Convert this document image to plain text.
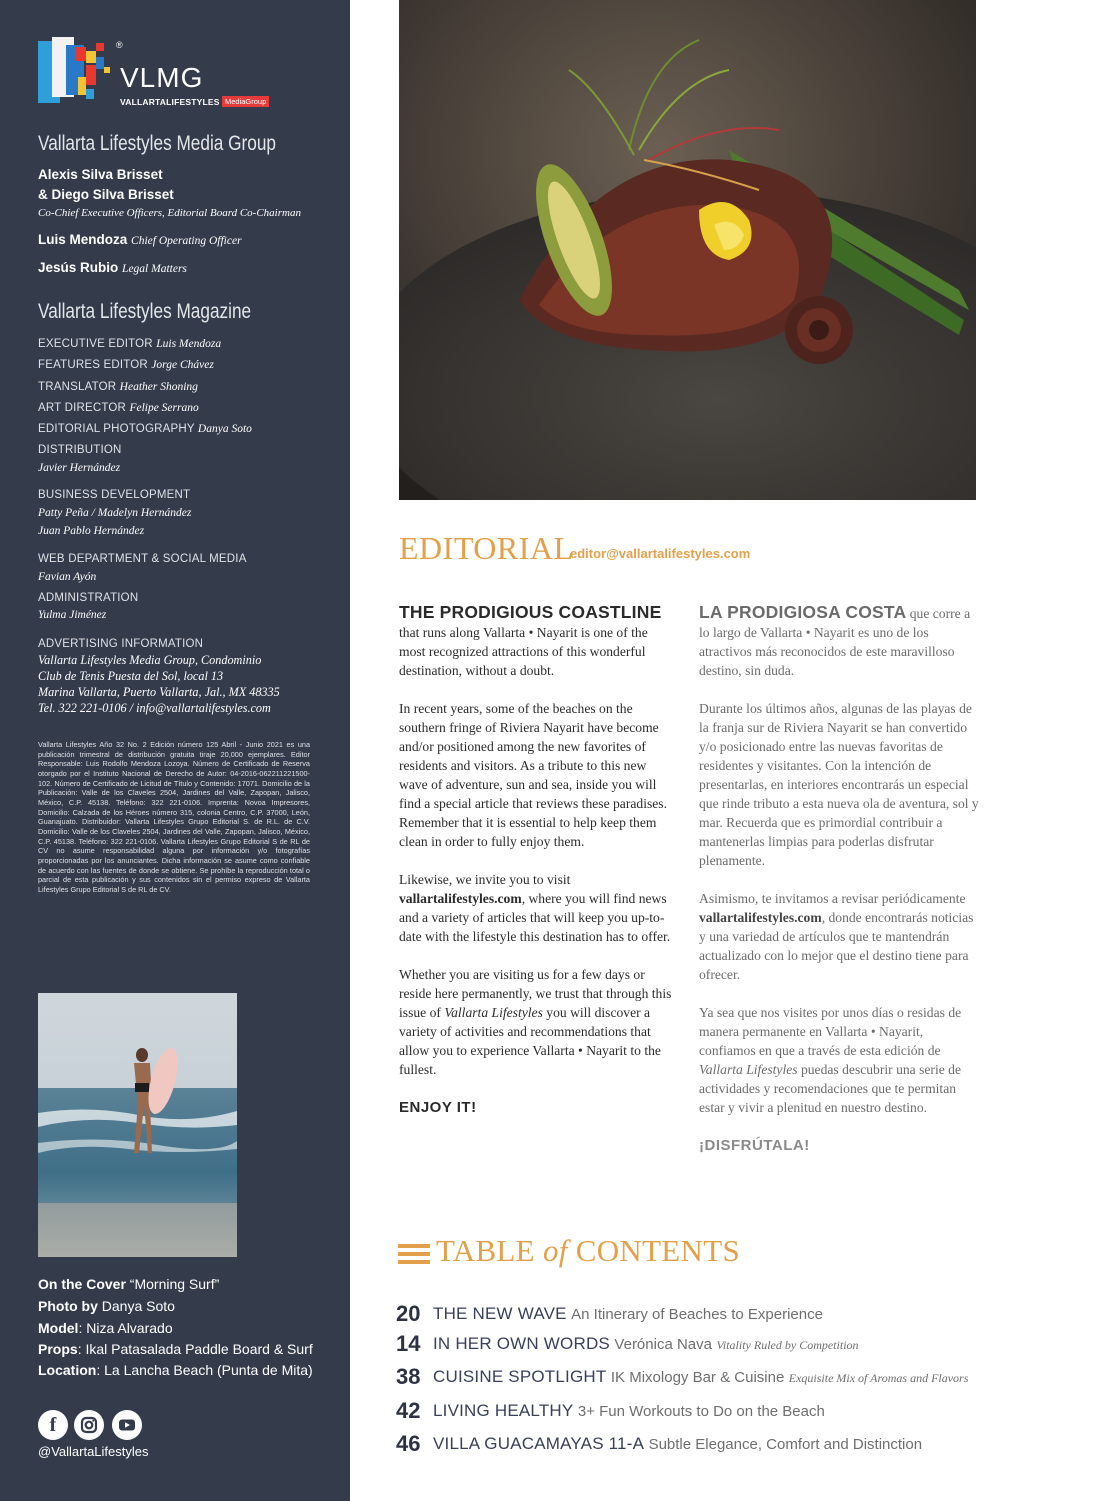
®
VLMG
VALLARTALIFESTYLES MediaGroup
Vallarta Lifestyles Media Group
Alexis Silva Brisset
& Diego Silva Brisset
Co-Chief Executive Officers, Editorial Board Co-Chairman
Luis Mendoza Chief Operating Officer
Jesús Rubio Legal Matters
Vallarta Lifestyles Magazine
EXECUTIVE EDITOR Luis Mendoza
FEATURES EDITOR Jorge Chávez
TRANSLATOR Heather Shoning
ART DIRECTOR Felipe Serrano
EDITORIAL PHOTOGRAPHY Danya Soto
DISTRIBUTION
Javier Hernández
BUSINESS DEVELOPMENT
Patty Peña / Madelyn Hernández
Juan Pablo Hernández
WEB DEPARTMENT & SOCIAL MEDIA
Favian Ayón
ADMINISTRATION
Yulma Jiménez
ADVERTISING INFORMATION
Vallarta Lifestyles Media Group, Condominio
Club de Tenis Puesta del Sol, local 13
Marina Vallarta, Puerto Vallarta, Jal., MX 48335
Tel. 322 221-0106 / info@vallartalifestyles.com
Vallarta Lifestyles Año 32 No. 2 Edición número 125 Abril - Junio 2021 es una publicación trimestral de distribución gratuita tiraje 20,000 ejemplares. Editor Responsable: Luis Rodolfo Mendoza Lozoya. Número de Certificado de Reserva otorgado por el Instituto Nacional de Derecho de Autor: 04-2016-062211221500-102. Número de Certificado de Licitud de Título y Contenido: 17071. Domicilio de la Publicación: Valle de los Claveles 2504, Jardines del Valle, Zapopan, Jalisco, México, C.P. 45138. Teléfono: 322 221-0106. Imprenta: Novoa Impresores, Domicilio: Calzada de los Héroes número 315, colonia Centro, C.P. 37000, León, Guanajuato. Distribuidor: Vallarta Lifestyles Grupo Editorial S. de R.L. de C.V. Domicilio: Valle de los Claveles 2504, Jardines del Valle, Zapopan, Jalisco, México, C.P. 45138. Teléfono: 322 221-0106. Vallarta Lifestyles Grupo Editorial S de RL de CV no asume responsabilidad alguna por información y/o fotografías proporcionadas por los anunciantes. Dicha información se asume como confiable de acuerdo con las fuentes de donde se obtiene. Se prohíbe la reproducción total o parcial de esta publicación y sus contenidos sin el permiso expreso de Vallarta Lifestyles Grupo Editorial S de RL de CV.
On the Cover “Morning Surf”
Photo by Danya Soto
Model: Niza Alvarado
Props: Ikal Patasalada Paddle Board & Surf
Location: La Lancha Beach (Punta de Mita)
f
@VallartaLifestyles
EDITORIAL
editor@vallartalifestyles.com

THE PRODIGIOUS COASTLINE that runs along Vallarta • Nayarit is one of the most recognized attractions of this wonderful destination, without a doubt.

In recent years, some of the beaches on the southern fringe of Riviera Nayarit have become and/or positioned among the new favorites of residents and visitors. As a tribute to this new wave of adventure, sun and sea, inside you will find a special article that reviews these paradises. Remember that it is essential to help keep them clean in order to fully enjoy them.

Likewise, we invite you to visit vallartalifestyles.com, where you will find news and a variety of articles that will keep you up-to-date with the lifestyle this destination has to offer.

Whether you are visiting us for a few days or reside here permanently, we trust that through this issue of Vallarta Lifestyles you will discover a variety of activities and recommendations that allow you to experience Vallarta • Nayarit to the fullest.

ENJOY IT!

LA PRODIGIOSA COSTA que corre a lo largo de Vallarta • Nayarit es uno de los atractivos más reconocidos de este maravilloso destino, sin duda.

Durante los últimos años, algunas de las playas de la franja sur de Riviera Nayarit se han convertido y/o posicionado entre las nuevas favoritas de residentes y visitantes. Con la intención de presentarlas, en interiores encontrarás un especial que rinde tributo a esta nueva ola de aventura, sol y mar. Recuerda que es primordial contribuir a mantenerlas limpias para poderlas disfrutar plenamente.

Asimismo, te invitamos a revisar periódicamente vallartalifestyles.com, donde encontrarás noticias y una variedad de artículos que te mantendrán actualizado con lo mejor que el destino tiene para ofrecer.

Ya sea que nos visites por unos días o residas de manera permanente en Vallarta • Nayarit, confiamos en que a través de esta edición de Vallarta Lifestyles puedas descubrir una serie de actividades y recomendaciones que te permitan estar y vivir a plenitud en nuestro destino.

¡DISFRÚTALA!

TABLE of CONTENTS
20 THE NEW WAVE An Itinerary of Beaches to Experience
14 IN HER OWN WORDS Verónica Nava Vitality Ruled by Competition
38 CUISINE SPOTLIGHT IK Mixology Bar & Cuisine Exquisite Mix of Aromas and Flavors
42 LIVING HEALTHY 3+ Fun Workouts to Do on the Beach
46 VILLA GUACAMAYAS 11-A Subtle Elegance, Comfort and Distinction
